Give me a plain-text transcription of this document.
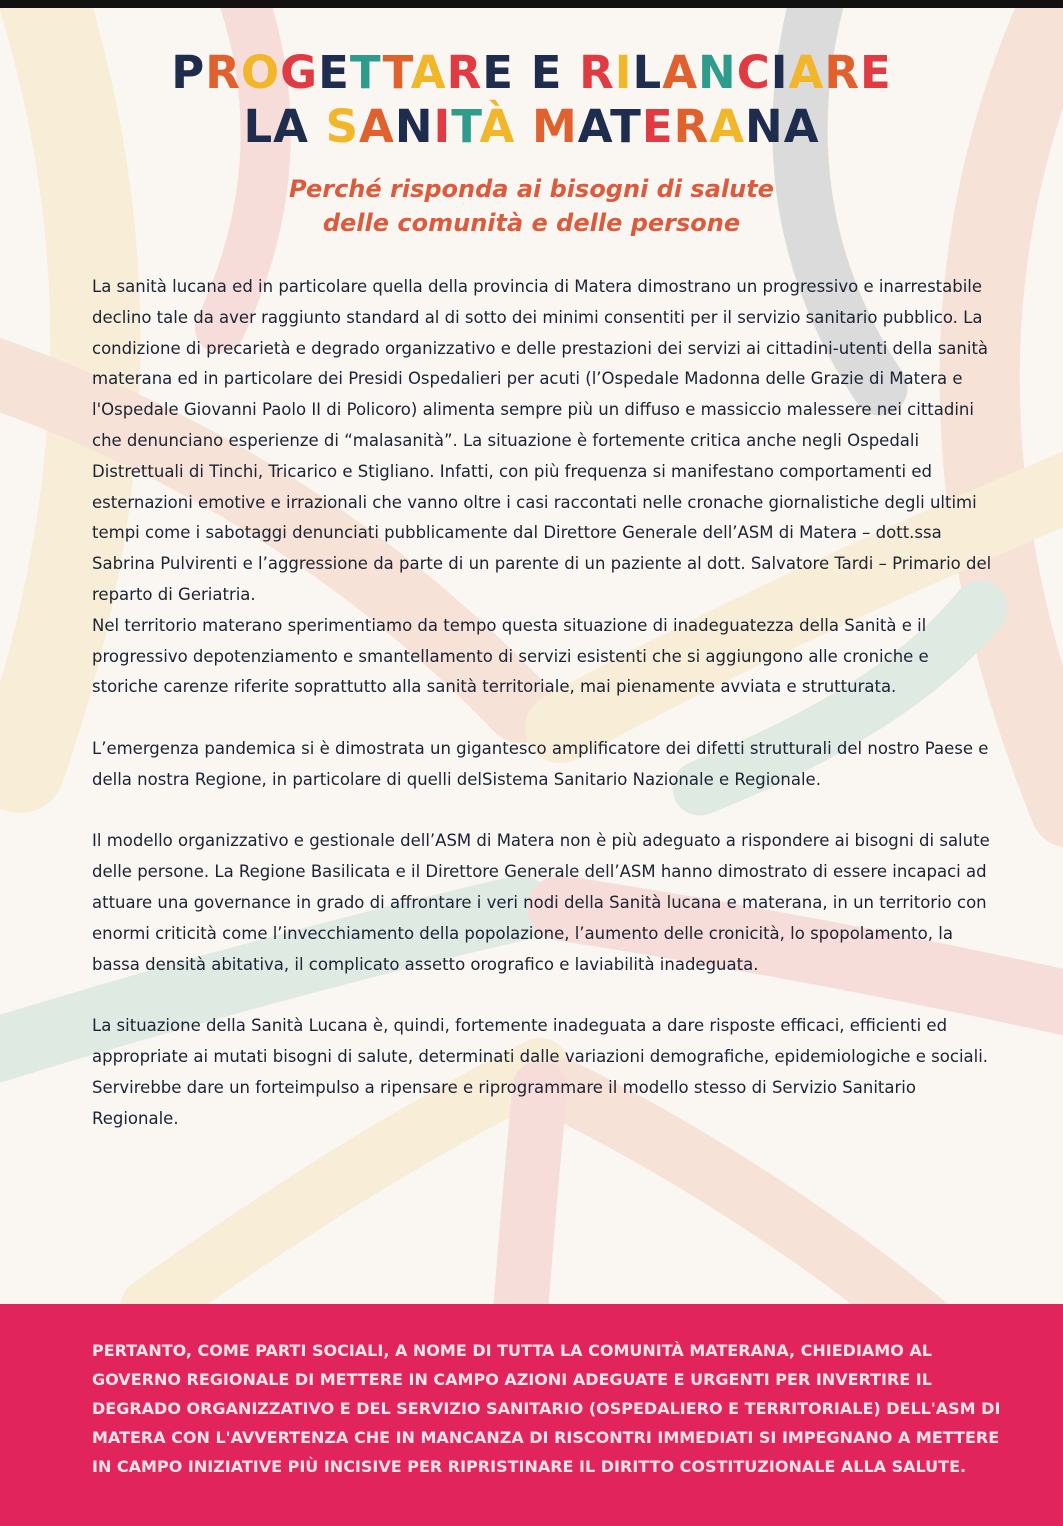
PROGETTARE E RILANCIARE
LA SANITÀ MATERANA
Perché risponda ai bisogni di salute
delle comunità e delle persone

La sanità lucana ed in particolare quella della provincia di Matera dimostrano un progressivo e inarrestabile declino tale da aver raggiunto standard al di sotto dei minimi consentiti per il servizio sanitario pubblico. La condizione di precarietà e degrado organizzativo e delle prestazioni dei servizi ai cittadini-utenti della sanità materana ed in particolare dei Presidi Ospedalieri per acuti (l’Ospedale Madonna delle Grazie di Matera e l'Ospedale Giovanni Paolo II di Policoro) alimenta sempre più un diffuso e massiccio malessere nei cittadini che denunciano esperienze di “malasanità”. La situazione è fortemente critica anche negli Ospedali Distrettuali di Tinchi, Tricarico e Stigliano. Infatti, con più frequenza si manifestano comportamenti ed esternazioni emotive e irrazionali che vanno oltre i casi raccontati nelle cronache giornalistiche degli ultimi tempi come i sabotaggi denunciati pubblicamente dal Direttore Generale dell’ASM di Matera – dott.ssa Sabrina Pulvirenti e l’aggressione da parte di un parente di un paziente al dott. Salvatore Tardi – Primario del reparto di Geriatria.

Nel territorio materano sperimentiamo da tempo questa situazione di inadeguatezza della Sanità e il progressivo depotenziamento e smantellamento di servizi esistenti che si aggiungono alle croniche e storiche carenze riferite soprattutto alla sanità territoriale, mai pienamente avviata e strutturata.

L’emergenza pandemica si è dimostrata un gigantesco amplificatore dei difetti strutturali del nostro Paese e della nostra Regione, in particolare di quelli delSistema Sanitario Nazionale e Regionale.

Il modello organizzativo e gestionale dell’ASM di Matera non è più adeguato a rispondere ai bisogni di salute delle persone. La Regione Basilicata e il Direttore Generale dell’ASM hanno dimostrato di essere incapaci ad attuare una governance in grado di affrontare i veri nodi della Sanità lucana e materana, in un territorio con enormi criticità come l’invecchiamento della popolazione, l’aumento delle cronicità, lo spopolamento, la bassa densità abitativa, il complicato assetto orografico e laviabilità inadeguata.

La situazione della Sanità Lucana è, quindi, fortemente inadeguata a dare risposte efficaci, efficienti ed appropriate ai mutati bisogni di salute, determinati dalle variazioni demografiche, epidemiologiche e sociali. Servirebbe dare un forteimpulso a ripensare e riprogrammare il modello stesso di Servizio Sanitario Regionale.

PERTANTO, COME PARTI SOCIALI, A NOME DI TUTTA LA COMUNITÀ MATERANA, CHIEDIAMO AL GOVERNO REGIONALE DI METTERE IN CAMPO AZIONI ADEGUATE E URGENTI PER INVERTIRE IL DEGRADO ORGANIZZATIVO E DEL SERVIZIO SANITARIO (OSPEDALIERO E TERRITORIALE) DELL'ASM DI MATERA CON L'AVVERTENZA CHE IN MANCANZA DI RISCONTRI IMMEDIATI SI IMPEGNANO A METTERE IN CAMPO INIZIATIVE PIÙ INCISIVE PER RIPRISTINARE IL DIRITTO COSTITUZIONALE ALLA SALUTE.
